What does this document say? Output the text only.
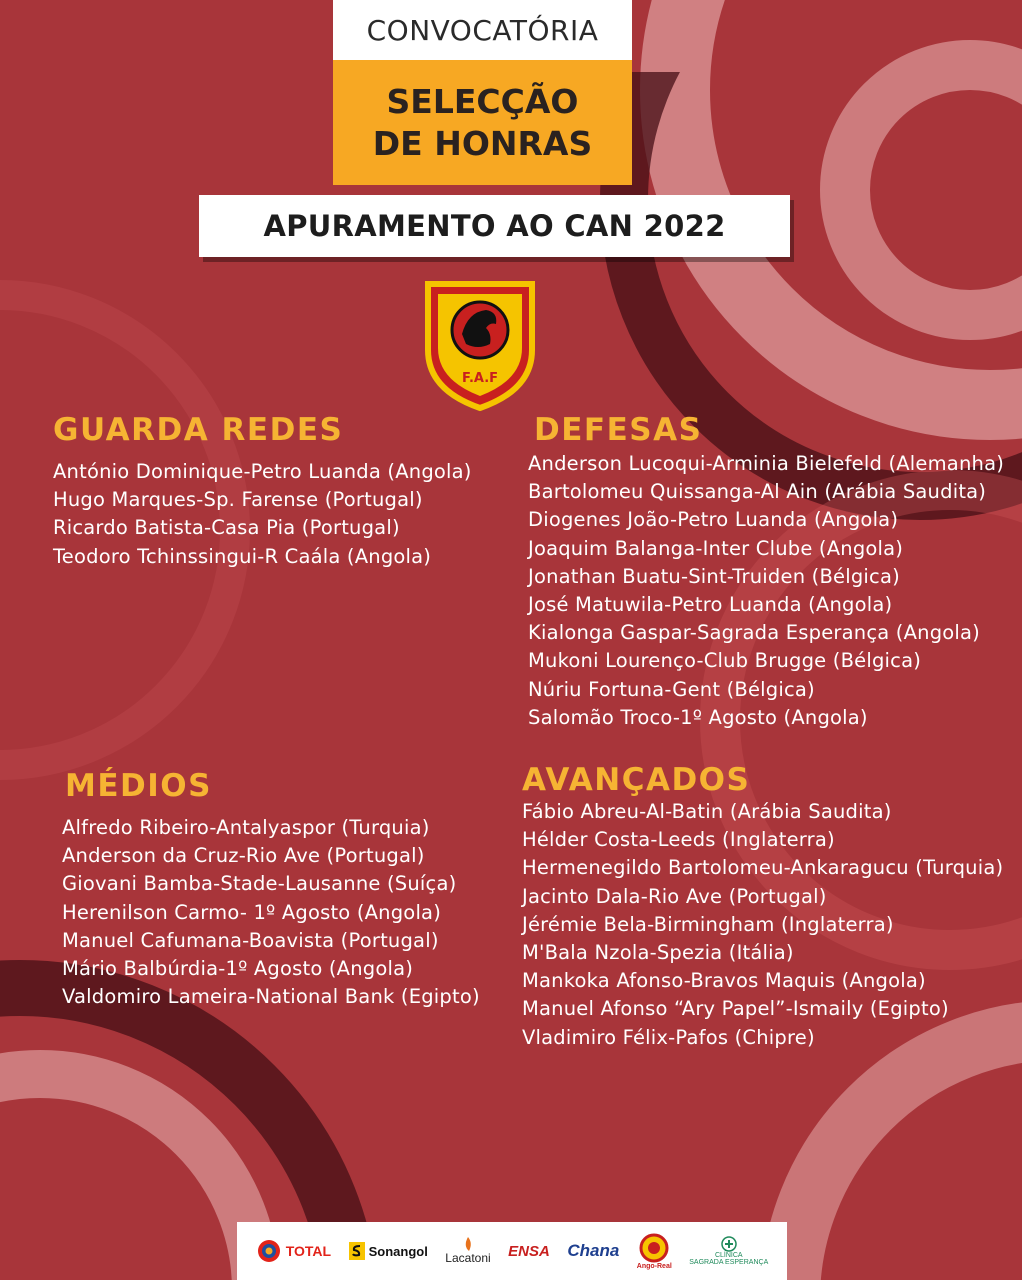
CONVOCATÓRIA
SELECÇÃO
DE HONRAS
APURAMENTO AO CAN 2022
F.A.F
GUARDA REDES
António Dominique-Petro Luanda (Angola)
Hugo Marques-Sp. Farense (Portugal)
Ricardo Batista-Casa Pia (Portugal)
Teodoro Tchinssingui-R Caála (Angola)
DEFESAS
Anderson Lucoqui-Arminia Bielefeld (Alemanha)
Bartolomeu Quissanga-Al Ain (Arábia Saudita)
Diogenes João-Petro Luanda (Angola)
Joaquim Balanga-Inter Clube (Angola)
Jonathan Buatu-Sint-Truiden (Bélgica)
José Matuwila-Petro Luanda (Angola)
Kialonga Gaspar-Sagrada Esperança (Angola)
Mukoni Lourenço-Club Brugge (Bélgica)
Núriu Fortuna-Gent (Bélgica)
Salomão Troco-1º Agosto (Angola)
MÉDIOS
Alfredo Ribeiro-Antalyaspor (Turquia)
Anderson da Cruz-Rio Ave (Portugal)
Giovani Bamba-Stade-Lausanne (Suíça)
Herenilson Carmo- 1º Agosto (Angola)
Manuel Cafumana-Boavista (Portugal)
Mário Balbúrdia-1º Agosto (Angola)
Valdomiro Lameira-National Bank (Egipto)
AVANÇADOS
Fábio Abreu-Al-Batin (Arábia Saudita)
Hélder Costa-Leeds (Inglaterra)
Hermenegildo Bartolomeu-Ankaragucu (Turquia)
Jacinto Dala-Rio Ave (Portugal)
Jérémie Bela-Birmingham (Inglaterra)
M'Bala Nzola-Spezia (Itália)
Mankoka Afonso-Bravos Maquis (Angola)
Manuel Afonso “Ary Papel”-Ismaily (Egipto)
Vladimiro Félix-Pafos (Chipre)
TOTAL	Sonangol Lacatoni ENSA Chana
Ango-Real
CLÍNICA
SAGRADA ESPERANÇA
